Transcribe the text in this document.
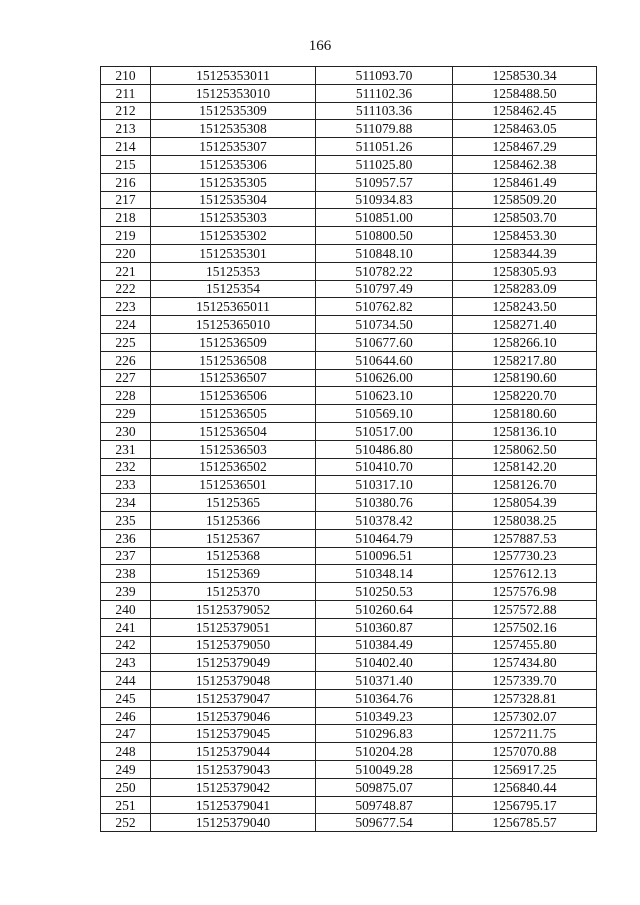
166
210	15125353011	511093.70	1258530.34
211	15125353010	511102.36	1258488.50
212	1512535309	511103.36	1258462.45
213	1512535308	511079.88	1258463.05
214	1512535307	511051.26	1258467.29
215	1512535306	511025.80	1258462.38
216	1512535305	510957.57	1258461.49
217	1512535304	510934.83	1258509.20
218	1512535303	510851.00	1258503.70
219	1512535302	510800.50	1258453.30
220	1512535301	510848.10	1258344.39
221	15125353	510782.22	1258305.93
222	15125354	510797.49	1258283.09
223	15125365011	510762.82	1258243.50
224	15125365010	510734.50	1258271.40
225	1512536509	510677.60	1258266.10
226	1512536508	510644.60	1258217.80
227	1512536507	510626.00	1258190.60
228	1512536506	510623.10	1258220.70
229	1512536505	510569.10	1258180.60
230	1512536504	510517.00	1258136.10
231	1512536503	510486.80	1258062.50
232	1512536502	510410.70	1258142.20
233	1512536501	510317.10	1258126.70
234	15125365	510380.76	1258054.39
235	15125366	510378.42	1258038.25
236	15125367	510464.79	1257887.53
237	15125368	510096.51	1257730.23
238	15125369	510348.14	1257612.13
239	15125370	510250.53	1257576.98
240	15125379052	510260.64	1257572.88
241	15125379051	510360.87	1257502.16
242	15125379050	510384.49	1257455.80
243	15125379049	510402.40	1257434.80
244	15125379048	510371.40	1257339.70
245	15125379047	510364.76	1257328.81
246	15125379046	510349.23	1257302.07
247	15125379045	510296.83	1257211.75
248	15125379044	510204.28	1257070.88
249	15125379043	510049.28	1256917.25
250	15125379042	509875.07	1256840.44
251	15125379041	509748.87	1256795.17
252	15125379040	509677.54	1256785.57
